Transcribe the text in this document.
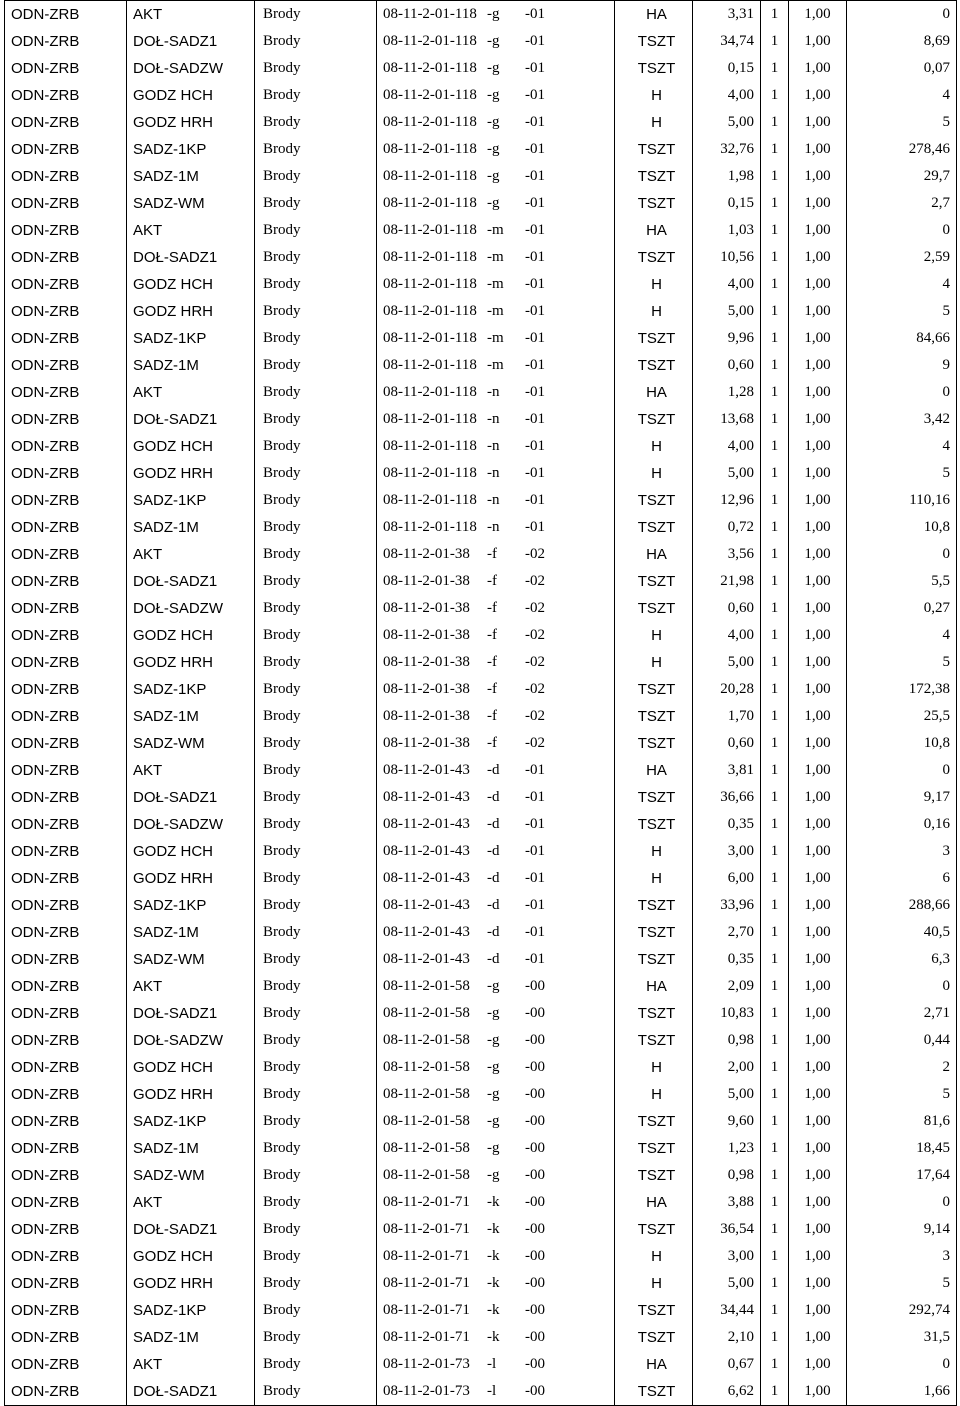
ODN-ZRB	AKT	Brody	08-11-2-01-118 -g -01	HA	3,31	1	1,00	0
ODN-ZRB	DOŁ-SADZ1	Brody	08-11-2-01-118 -g -01	TSZT	34,74	1	1,00	8,69
ODN-ZRB	DOŁ-SADZW	Brody	08-11-2-01-118 -g -01	TSZT	0,15	1	1,00	0,07
ODN-ZRB	GODZ HCH	Brody	08-11-2-01-118 -g -01	H	4,00	1	1,00	4
ODN-ZRB	GODZ HRH	Brody	08-11-2-01-118 -g -01	H	5,00	1	1,00	5
ODN-ZRB	SADZ-1KP	Brody	08-11-2-01-118 -g -01	TSZT	32,76	1	1,00	278,46
ODN-ZRB	SADZ-1M	Brody	08-11-2-01-118 -g -01	TSZT	1,98	1	1,00	29,7
ODN-ZRB	SADZ-WM	Brody	08-11-2-01-118 -g -01	TSZT	0,15	1	1,00	2,7
ODN-ZRB	AKT	Brody	08-11-2-01-118 -m -01	HA	1,03	1	1,00	0
ODN-ZRB	DOŁ-SADZ1	Brody	08-11-2-01-118 -m -01	TSZT	10,56	1	1,00	2,59
ODN-ZRB	GODZ HCH	Brody	08-11-2-01-118 -m -01	H	4,00	1	1,00	4
ODN-ZRB	GODZ HRH	Brody	08-11-2-01-118 -m -01	H	5,00	1	1,00	5
ODN-ZRB	SADZ-1KP	Brody	08-11-2-01-118 -m -01	TSZT	9,96	1	1,00	84,66
ODN-ZRB	SADZ-1M	Brody	08-11-2-01-118 -m -01	TSZT	0,60	1	1,00	9
ODN-ZRB	AKT	Brody	08-11-2-01-118 -n -01	HA	1,28	1	1,00	0
ODN-ZRB	DOŁ-SADZ1	Brody	08-11-2-01-118 -n -01	TSZT	13,68	1	1,00	3,42
ODN-ZRB	GODZ HCH	Brody	08-11-2-01-118 -n -01	H	4,00	1	1,00	4
ODN-ZRB	GODZ HRH	Brody	08-11-2-01-118 -n -01	H	5,00	1	1,00	5
ODN-ZRB	SADZ-1KP	Brody	08-11-2-01-118 -n -01	TSZT	12,96	1	1,00	110,16
ODN-ZRB	SADZ-1M	Brody	08-11-2-01-118 -n -01	TSZT	0,72	1	1,00	10,8
ODN-ZRB	AKT	Brody	08-11-2-01-38 -f -02	HA	3,56	1	1,00	0
ODN-ZRB	DOŁ-SADZ1	Brody	08-11-2-01-38 -f -02	TSZT	21,98	1	1,00	5,5
ODN-ZRB	DOŁ-SADZW	Brody	08-11-2-01-38 -f -02	TSZT	0,60	1	1,00	0,27
ODN-ZRB	GODZ HCH	Brody	08-11-2-01-38 -f -02	H	4,00	1	1,00	4
ODN-ZRB	GODZ HRH	Brody	08-11-2-01-38 -f -02	H	5,00	1	1,00	5
ODN-ZRB	SADZ-1KP	Brody	08-11-2-01-38 -f -02	TSZT	20,28	1	1,00	172,38
ODN-ZRB	SADZ-1M	Brody	08-11-2-01-38 -f -02	TSZT	1,70	1	1,00	25,5
ODN-ZRB	SADZ-WM	Brody	08-11-2-01-38 -f -02	TSZT	0,60	1	1,00	10,8
ODN-ZRB	AKT	Brody	08-11-2-01-43 -d -01	HA	3,81	1	1,00	0
ODN-ZRB	DOŁ-SADZ1	Brody	08-11-2-01-43 -d -01	TSZT	36,66	1	1,00	9,17
ODN-ZRB	DOŁ-SADZW	Brody	08-11-2-01-43 -d -01	TSZT	0,35	1	1,00	0,16
ODN-ZRB	GODZ HCH	Brody	08-11-2-01-43 -d -01	H	3,00	1	1,00	3
ODN-ZRB	GODZ HRH	Brody	08-11-2-01-43 -d -01	H	6,00	1	1,00	6
ODN-ZRB	SADZ-1KP	Brody	08-11-2-01-43 -d -01	TSZT	33,96	1	1,00	288,66
ODN-ZRB	SADZ-1M	Brody	08-11-2-01-43 -d -01	TSZT	2,70	1	1,00	40,5
ODN-ZRB	SADZ-WM	Brody	08-11-2-01-43 -d -01	TSZT	0,35	1	1,00	6,3
ODN-ZRB	AKT	Brody	08-11-2-01-58 -g -00	HA	2,09	1	1,00	0
ODN-ZRB	DOŁ-SADZ1	Brody	08-11-2-01-58 -g -00	TSZT	10,83	1	1,00	2,71
ODN-ZRB	DOŁ-SADZW	Brody	08-11-2-01-58 -g -00	TSZT	0,98	1	1,00	0,44
ODN-ZRB	GODZ HCH	Brody	08-11-2-01-58 -g -00	H	2,00	1	1,00	2
ODN-ZRB	GODZ HRH	Brody	08-11-2-01-58 -g -00	H	5,00	1	1,00	5
ODN-ZRB	SADZ-1KP	Brody	08-11-2-01-58 -g -00	TSZT	9,60	1	1,00	81,6
ODN-ZRB	SADZ-1M	Brody	08-11-2-01-58 -g -00	TSZT	1,23	1	1,00	18,45
ODN-ZRB	SADZ-WM	Brody	08-11-2-01-58 -g -00	TSZT	0,98	1	1,00	17,64
ODN-ZRB	AKT	Brody	08-11-2-01-71 -k -00	HA	3,88	1	1,00	0
ODN-ZRB	DOŁ-SADZ1	Brody	08-11-2-01-71 -k -00	TSZT	36,54	1	1,00	9,14
ODN-ZRB	GODZ HCH	Brody	08-11-2-01-71 -k -00	H	3,00	1	1,00	3
ODN-ZRB	GODZ HRH	Brody	08-11-2-01-71 -k -00	H	5,00	1	1,00	5
ODN-ZRB	SADZ-1KP	Brody	08-11-2-01-71 -k -00	TSZT	34,44	1	1,00	292,74
ODN-ZRB	SADZ-1M	Brody	08-11-2-01-71 -k -00	TSZT	2,10	1	1,00	31,5
ODN-ZRB	AKT	Brody	08-11-2-01-73 -l -00	HA	0,67	1	1,00	0
ODN-ZRB	DOŁ-SADZ1	Brody	08-11-2-01-73 -l -00	TSZT	6,62	1	1,00	1,66
